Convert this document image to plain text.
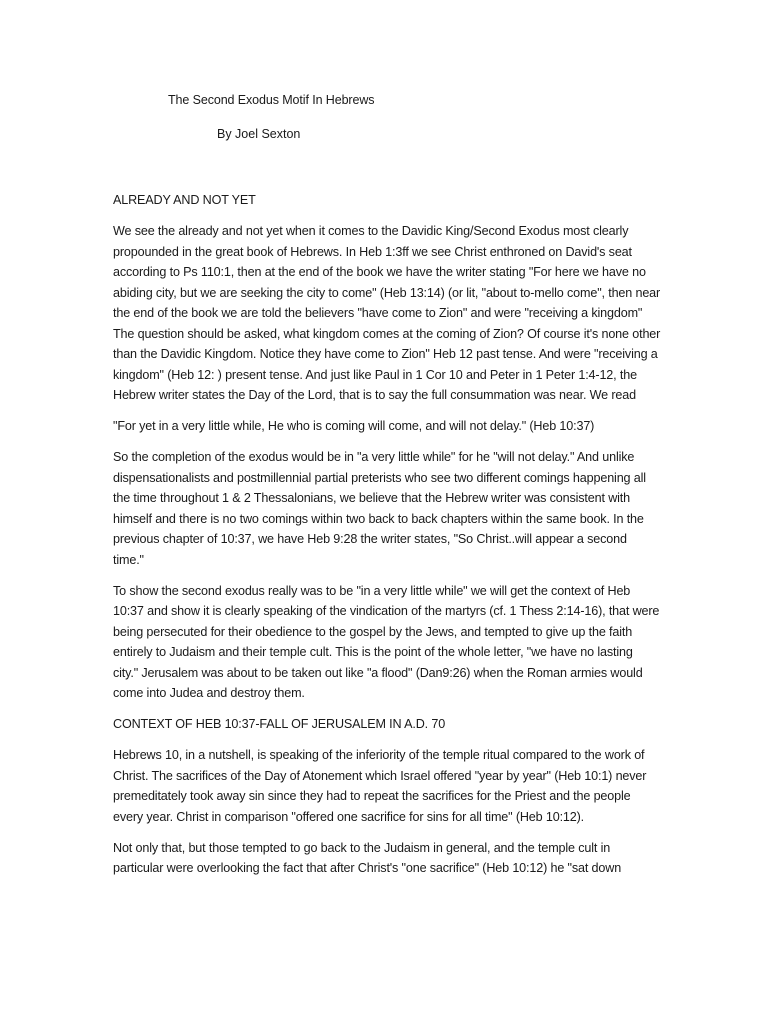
The Second Exodus Motif In Hebrews
By Joel Sexton

ALREADY AND NOT YET

We see the already and not yet when it comes to the Davidic King/Second Exodus most clearly propounded in the great book of Hebrews. In Heb 1:3ff we see Christ enthroned on David's seat according to Ps 110:1, then at the end of the book we have the writer stating "For here we have no abiding city, but we are seeking the city to come" (Heb 13:14) (or lit, "about to-mello come", then near the end of the book we are told the believers "have come to Zion" and were "receiving a kingdom" The question should be asked, what kingdom comes at the coming of Zion? Of course it's none other than the Davidic Kingdom. Notice they have come to Zion" Heb 12 past tense. And were "receiving a kingdom" (Heb 12: ) present tense. And just like Paul in 1 Cor 10 and Peter in 1 Peter 1:4-12, the Hebrew writer states the Day of the Lord, that is to say the full consummation was near. We read

"For yet in a very little while, He who is coming will come, and will not delay." (Heb 10:37)

So the completion of the exodus would be in "a very little while" for he "will not delay." And unlike dispensationalists and postmillennial partial preterists who see two different comings happening all the time throughout 1 & 2 Thessalonians, we believe that the Hebrew writer was consistent with himself and there is no two comings within two back to back chapters within the same book. In the previous chapter of 10:37, we have Heb 9:28 the writer states, "So Christ..will appear a second time."

To show the second exodus really was to be "in a very little while" we will get the context of Heb 10:37 and show it is clearly speaking of the vindication of the martyrs (cf. 1 Thess 2:14-16), that were being persecuted for their obedience to the gospel by the Jews, and tempted to give up the faith entirely to Judaism and their temple cult. This is the point of the whole letter, "we have no lasting city." Jerusalem was about to be taken out like "a flood" (Dan9:26) when the Roman armies would come into Judea and destroy them.

CONTEXT OF HEB 10:37-FALL OF JERUSALEM IN A.D. 70

Hebrews 10, in a nutshell, is speaking of the inferiority of the temple ritual compared to the work of Christ. The sacrifices of the Day of Atonement which Israel offered "year by year" (Heb 10:1) never premeditately took away sin since they had to repeat the sacrifices for the Priest and the people every year. Christ in comparison "offered one sacrifice for sins for all time" (Heb 10:12).

Not only that, but those tempted to go back to the Judaism in general, and the temple cult in particular were overlooking the fact that after Christ's "one sacrifice" (Heb 10:12) he "sat down
